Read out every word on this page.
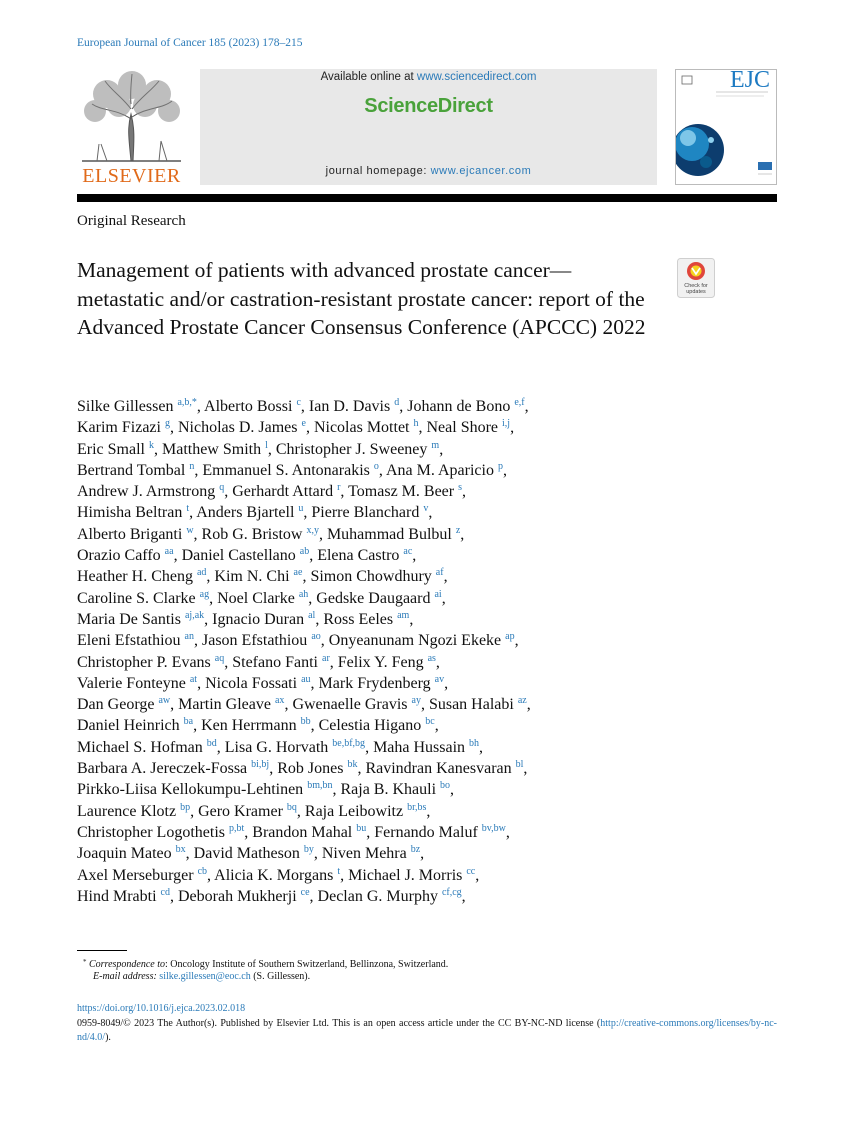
European Journal of Cancer 185 (2023) 178–215
ELSEVIER
Available online at www.sciencedirect.com
ScienceDirect
journal homepage: www.ejcancer.com
EJC
Original Research
Management of patients with advanced prostate cancer—metastatic and/or castration-resistant prostate cancer: report of the Advanced Prostate Cancer Consensus Conference (APCCC) 2022
Check for updates
Silke Gillessen $^{a,b,*}$, Alberto Bossi $^c$, Ian D. Davis $^d$, Johann de Bono $^{e,f}$,
Karim Fizazi $^g$, Nicholas D. James $^e$, Nicolas Mottet $^h$, Neal Shore $^{i,j}$,
Eric Small $^k$, Matthew Smith $^l$, Christopher J. Sweeney $^m$,
Bertrand Tombal $^n$, Emmanuel S. Antonarakis $^o$, Ana M. Aparicio $^p$,
Andrew J. Armstrong $^q$, Gerhardt Attard $^r$, Tomasz M. Beer $^s$,
Himisha Beltran $^t$, Anders Bjartell $^u$, Pierre Blanchard $^v$,
Alberto Briganti $^w$, Rob G. Bristow $^{x,y}$, Muhammad Bulbul $^z$,
Orazio Caffo $^{aa}$, Daniel Castellano $^{ab}$, Elena Castro $^{ac}$,
Heather H. Cheng $^{ad}$, Kim N. Chi $^{ae}$, Simon Chowdhury $^{af}$,
Caroline S. Clarke $^{ag}$, Noel Clarke $^{ah}$, Gedske Daugaard $^{ai}$,
Maria De Santis $^{aj,ak}$, Ignacio Duran $^{al}$, Ross Eeles $^{am}$,
Eleni Efstathiou $^{an}$, Jason Efstathiou $^{ao}$, Onyeanunam Ngozi Ekeke $^{ap}$,
Christopher P. Evans $^{aq}$, Stefano Fanti $^{ar}$, Felix Y. Feng $^{as}$,
Valerie Fonteyne $^{at}$, Nicola Fossati $^{au}$, Mark Frydenberg $^{av}$,
Dan George $^{aw}$, Martin Gleave $^{ax}$, Gwenaelle Gravis $^{ay}$, Susan Halabi $^{az}$,
Daniel Heinrich $^{ba}$, Ken Herrmann $^{bb}$, Celestia Higano $^{bc}$,
Michael S. Hofman $^{bd}$, Lisa G. Horvath $^{be,bf,bg}$, Maha Hussain $^{bh}$,
Barbara A. Jereczek-Fossa $^{bi,bj}$, Rob Jones $^{bk}$, Ravindran Kanesvaran $^{bl}$,
Pirkko-Liisa Kellokumpu-Lehtinen $^{bm,bn}$, Raja B. Khauli $^{bo}$,
Laurence Klotz $^{bp}$, Gero Kramer $^{bq}$, Raja Leibowitz $^{br,bs}$,
Christopher Logothetis $^{p,bt}$, Brandon Mahal $^{bu}$, Fernando Maluf $^{bv,bw}$,
Joaquin Mateo $^{bx}$, David Matheson $^{by}$, Niven Mehra $^{bz}$,
Axel Merseburger $^{cb}$, Alicia K. Morgans $^t$, Michael J. Morris $^{cc}$,
Hind Mrabti $^{cd}$, Deborah Mukherji $^{ce}$, Declan G. Murphy $^{cf,cg}$,
* Correspondence to: Oncology Institute of Southern Switzerland, Bellinzona, Switzerland.
E-mail address: silke.gillessen@eoc.ch (S. Gillessen).
https://doi.org/10.1016/j.ejca.2023.02.018
0959-8049/© 2023 The Author(s). Published by Elsevier Ltd. This is an open access article under the CC BY-NC-ND license (http://creative-commons.org/licenses/by-nc-nd/4.0/).
